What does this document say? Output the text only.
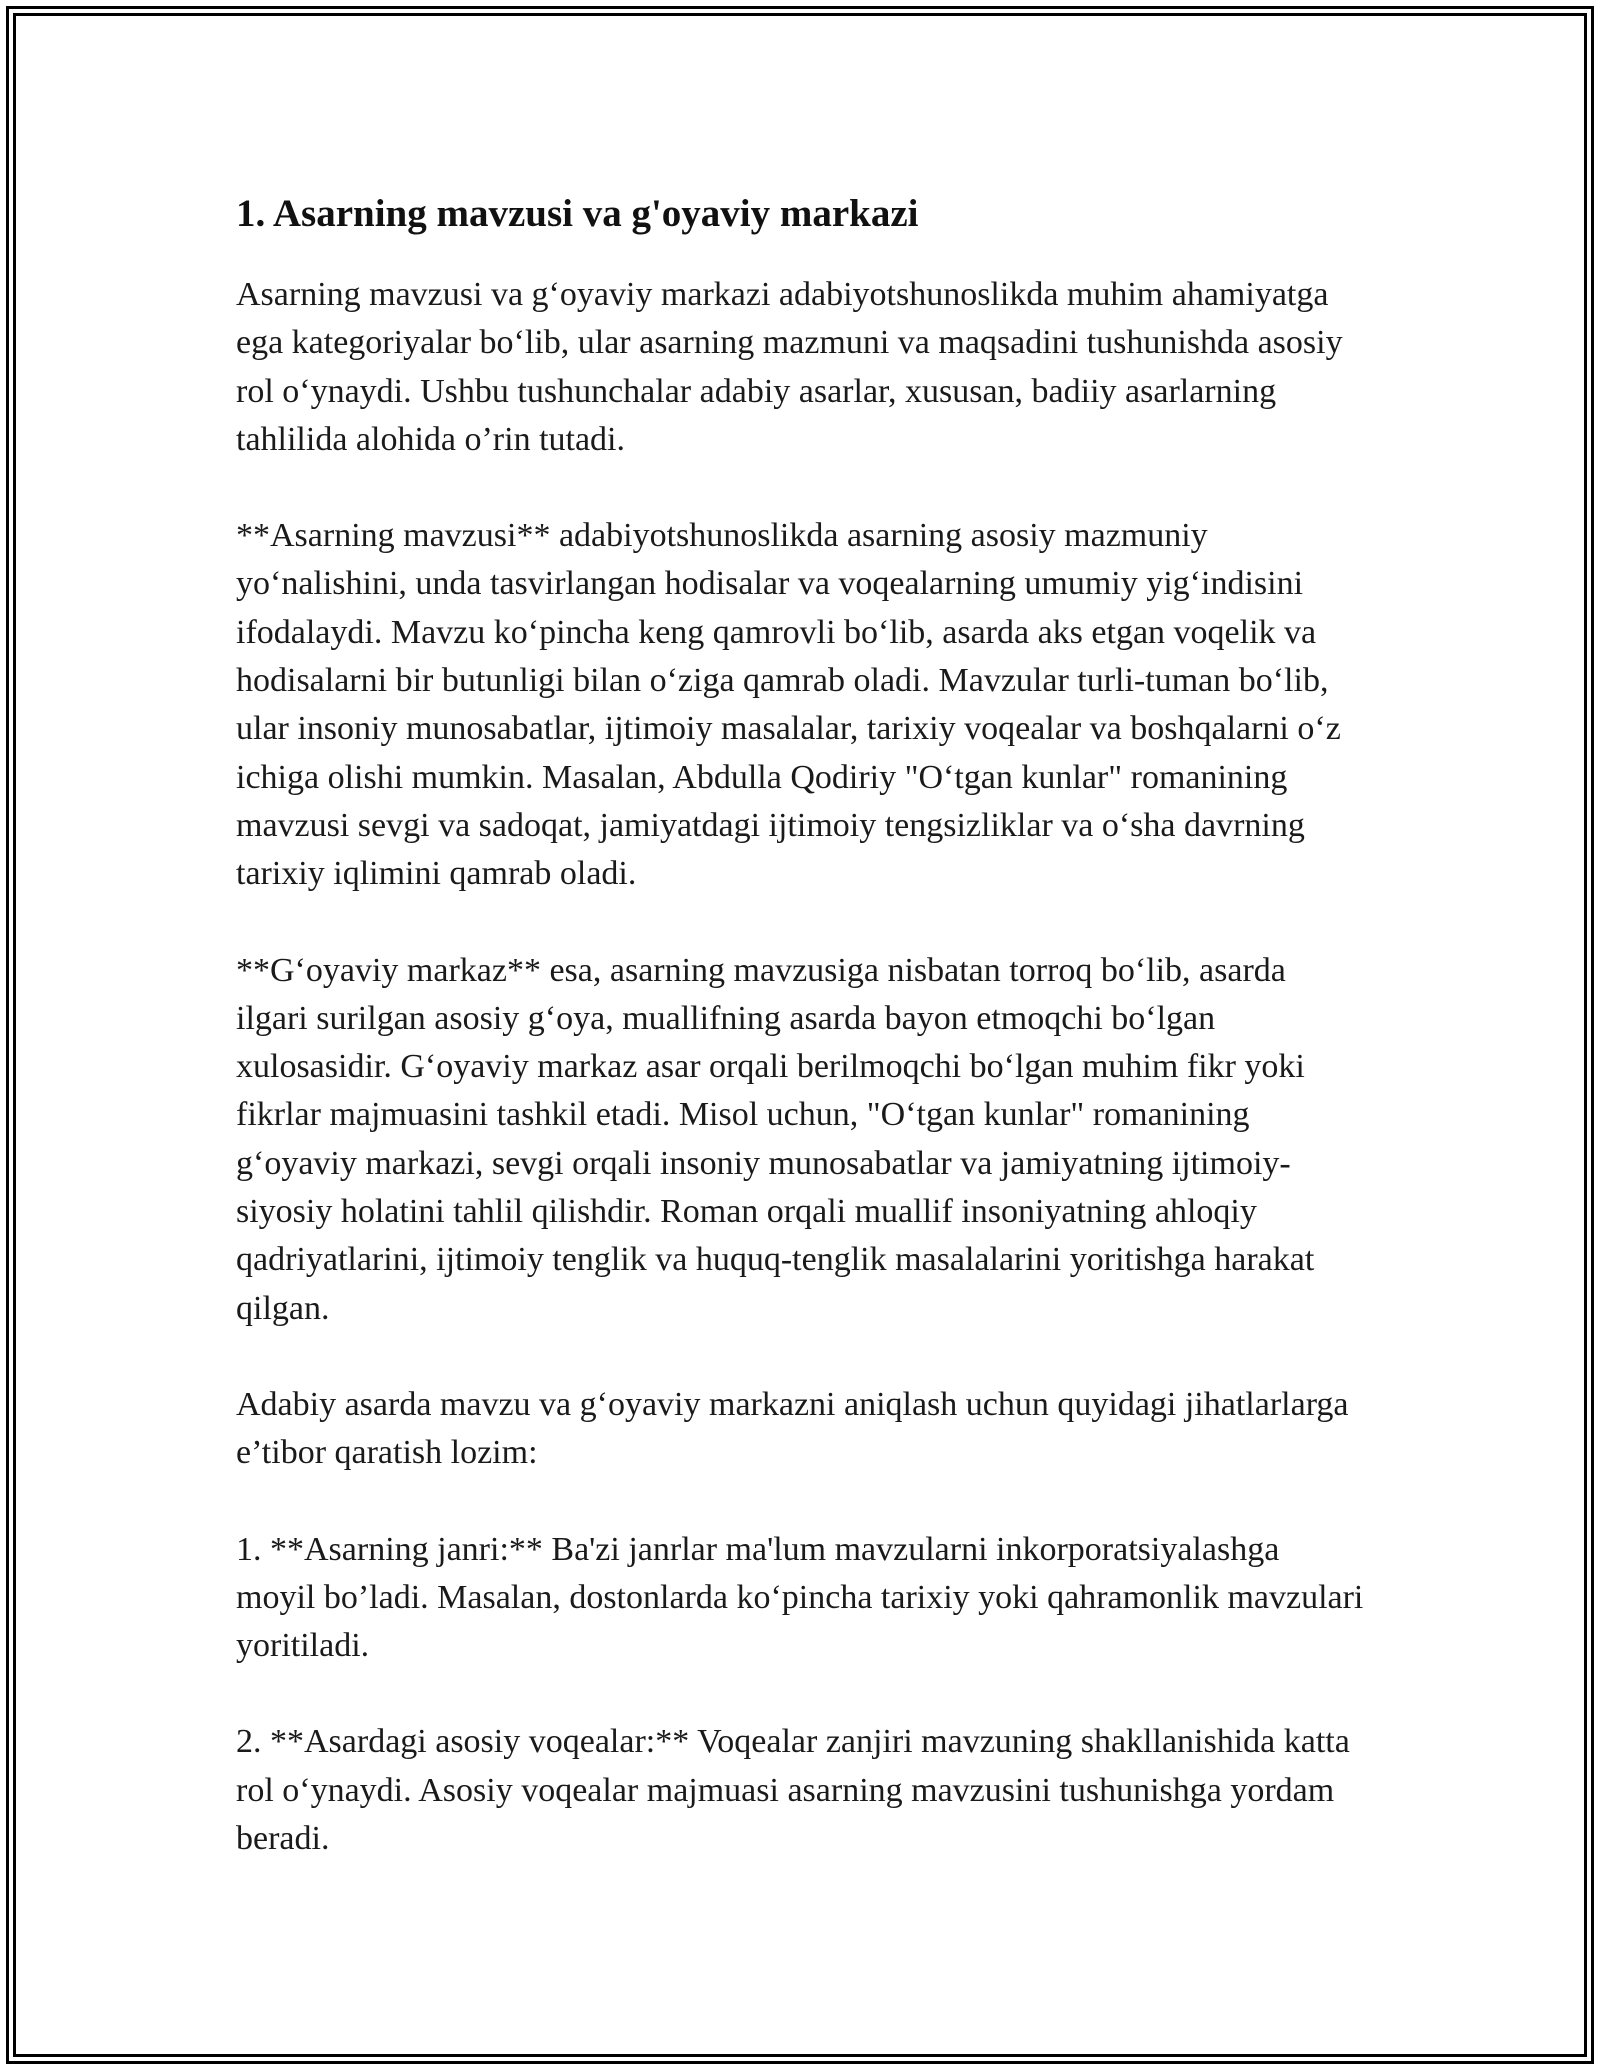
1. Asarning mavzusi va g'oyaviy markazi

Asarning mavzusi va g‘oyaviy markazi adabiyotshunoslikda muhim ahamiyatga ega kategoriyalar bo‘lib, ular asarning mazmuni va maqsadini tushunishda asosiy rol o‘ynaydi. Ushbu tushunchalar adabiy asarlar, xususan, badiiy asarlarning tahlilida alohida o’rin tutadi.

**Asarning mavzusi** adabiyotshunoslikda asarning asosiy mazmuniy yo‘nalishini, unda tasvirlangan hodisalar va voqealarning umumiy yig‘indisini ifodalaydi. Mavzu ko‘pincha keng qamrovli bo‘lib, asarda aks etgan voqelik va hodisalarni bir butunligi bilan o‘ziga qamrab oladi. Mavzular turli-tuman bo‘lib, ular insoniy munosabatlar, ijtimoiy masalalar, tarixiy voqealar va boshqalarni o‘z ichiga olishi mumkin. Masalan, Abdulla Qodiriy "O‘tgan kunlar" romanining mavzusi sevgi va sadoqat, jamiyatdagi ijtimoiy tengsizliklar va o‘sha davrning tarixiy iqlimini qamrab oladi.

**G‘oyaviy markaz** esa, asarning mavzusiga nisbatan torroq bo‘lib, asarda ilgari surilgan asosiy g‘oya, muallifning asarda bayon etmoqchi bo‘lgan xulosasidir. G‘oyaviy markaz asar orqali berilmoqchi bo‘lgan muhim fikr yoki fikrlar majmuasini tashkil etadi. Misol uchun, "O‘tgan kunlar" romanining g‘oyaviy markazi, sevgi orqali insoniy munosabatlar va jamiyatning ijtimoiy-siyosiy holatini tahlil qilishdir. Roman orqali muallif insoniyatning ahloqiy qadriyatlarini, ijtimoiy tenglik va huquq-tenglik masalalarini yoritishga harakat qilgan.

Adabiy asarda mavzu va g‘oyaviy markazni aniqlash uchun quyidagi jihatlarlarga e’tibor qaratish lozim:

1. **Asarning janri:** Ba'zi janrlar ma'lum mavzularni inkorporatsiyalashga moyil bo’ladi. Masalan, dostonlarda ko‘pincha tarixiy yoki qahramonlik mavzulari yoritiladi.

2. **Asardagi asosiy voqealar:** Voqealar zanjiri mavzuning shakllanishida katta rol o‘ynaydi. Asosiy voqealar majmuasi asarning mavzusini tushunishga yordam beradi.
